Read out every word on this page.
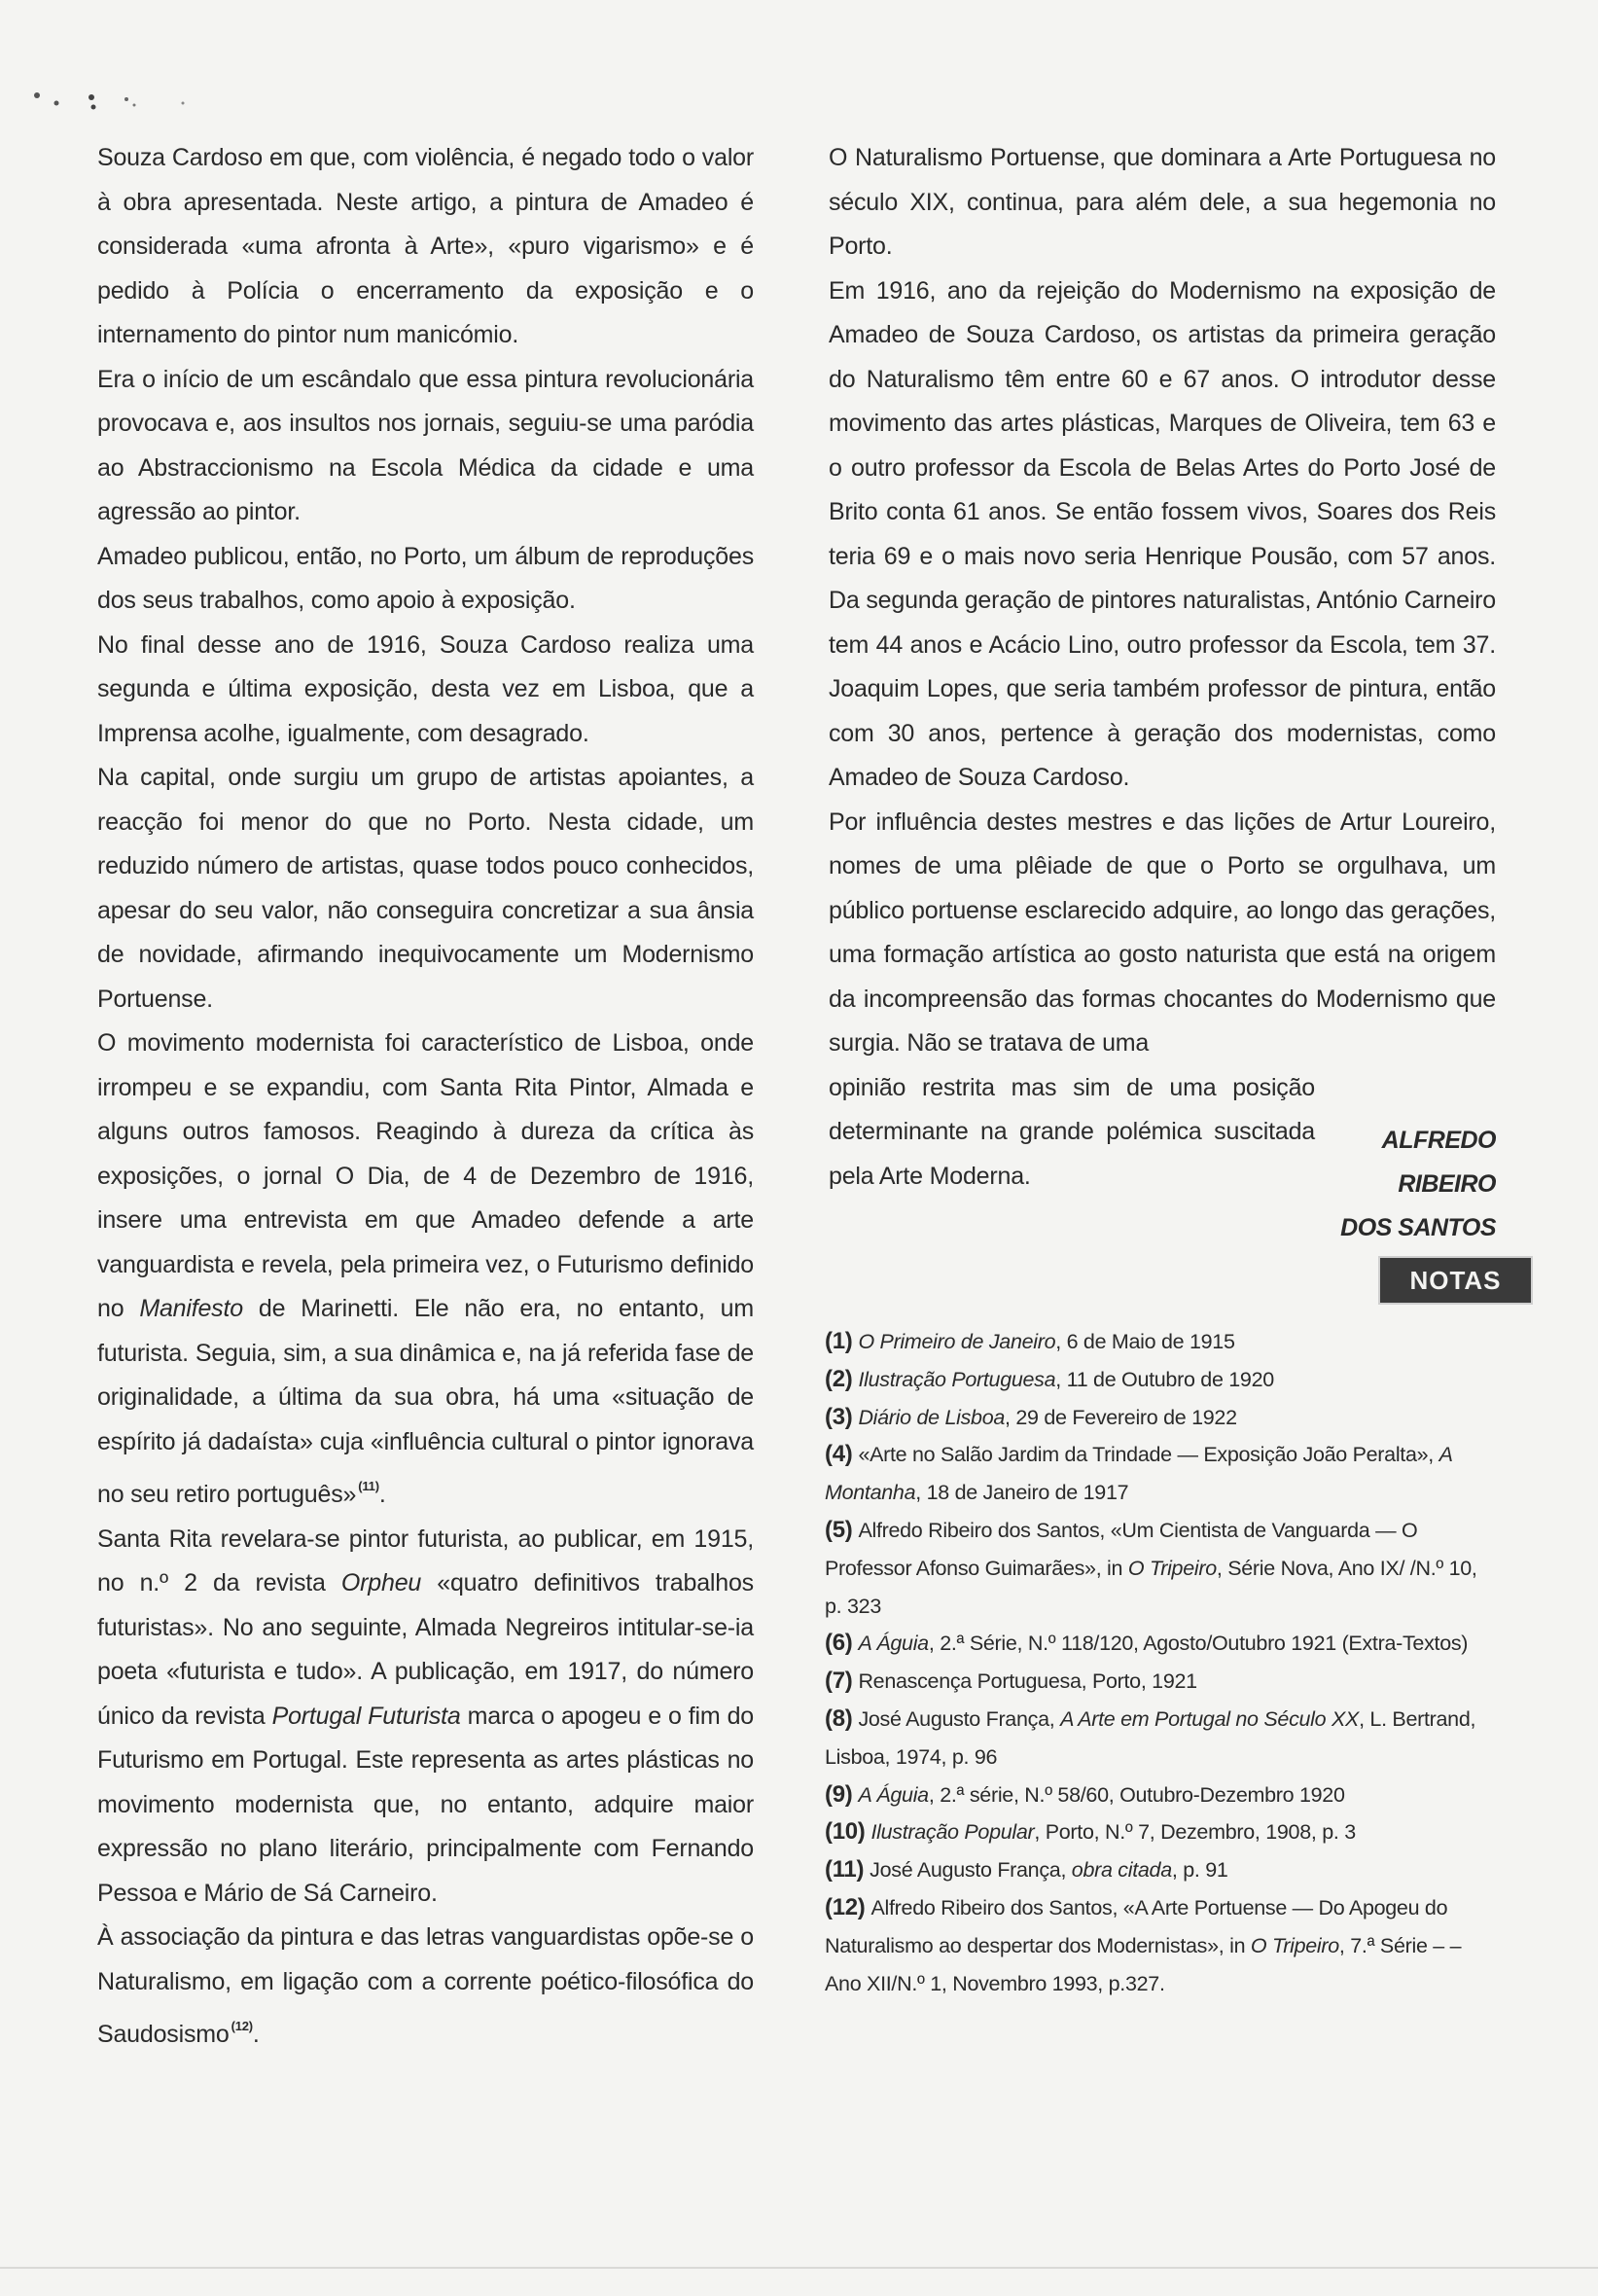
Souza Cardoso em que, com violência, é negado todo o valor à obra apresentada. Neste artigo, a pintura de Amadeo é considerada «uma afronta à Arte», «puro vigarismo» e é pedido à Polícia o encerramento da exposição e o internamento do pintor num manicómio.

Era o início de um escândalo que essa pintura revolucionária provocava e, aos insultos nos jornais, seguiu-se uma paródia ao Abstraccionismo na Escola Médica da cidade e uma agressão ao pintor.

Amadeo publicou, então, no Porto, um álbum de reproduções dos seus trabalhos, como apoio à exposição.

No final desse ano de 1916, Souza Cardoso realiza uma segunda e última exposição, desta vez em Lisboa, que a Imprensa acolhe, igualmente, com desagrado.

Na capital, onde surgiu um grupo de artistas apoiantes, a reacção foi menor do que no Porto. Nesta cidade, um reduzido número de artistas, quase todos pouco conhecidos, apesar do seu valor, não conseguira concretizar a sua ânsia de novidade, afirmando inequivocamente um Modernismo Portuense.

O movimento modernista foi característico de Lisboa, onde irrompeu e se expandiu, com Santa Rita Pintor, Almada e alguns outros famosos. Reagindo à dureza da crítica às exposições, o jornal O Dia, de 4 de Dezembro de 1916, insere uma entrevista em que Amadeo defende a arte vanguardista e revela, pela primeira vez, o Futurismo definido no Manifesto de Marinetti. Ele não era, no entanto, um futurista. Seguia, sim, a sua dinâmica e, na já referida fase de originalidade, a última da sua obra, há uma «situação de espírito já dadaísta» cuja «influência cultural o pintor ignorava no seu retiro português» $^{(11)}$.

Santa Rita revelara-se pintor futurista, ao publicar, em 1915, no n.º 2 da revista Orpheu «quatro definitivos trabalhos futuristas». No ano seguinte, Almada Negreiros intitular-se-ia poeta «futurista e tudo». A publicação, em 1917, do número único da revista Portugal Futurista marca o apogeu e o fim do Futurismo em Portugal. Este representa as artes plásticas no movimento modernista que, no entanto, adquire maior expressão no plano literário, principalmente com Fernando Pessoa e Mário de Sá Carneiro.

À associação da pintura e das letras vanguardistas opõe-se o Naturalismo, em ligação com a corrente poético-filosófica do Saudosismo $^{(12)}$.

O Naturalismo Portuense, que dominara a Arte Portuguesa no século XIX, continua, para além dele, a sua hegemonia no Porto.

Em 1916, ano da rejeição do Modernismo na exposição de Amadeo de Souza Cardoso, os artistas da primeira geração do Naturalismo têm entre 60 e 67 anos. O introdutor desse movimento das artes plásticas, Marques de Oliveira, tem 63 e o outro professor da Escola de Belas Artes do Porto José de Brito conta 61 anos. Se então fossem vivos, Soares dos Reis teria 69 e o mais novo seria Henrique Pousão, com 57 anos. Da segunda geração de pintores naturalistas, António Carneiro tem 44 anos e Acácio Lino, outro professor da Escola, tem 37. Joaquim Lopes, que seria também professor de pintura, então com 30 anos, pertence à geração dos modernistas, como Amadeo de Souza Cardoso.

Por influência destes mestres e das lições de Artur Loureiro, nomes de uma plêiade de que o Porto se orgulhava, um público portuense esclarecido adquire, ao longo das gerações, uma formação artística ao gosto naturista que está na origem da incompreensão das formas chocantes do Modernismo que surgia. Não se tratava de uma

opinião restrita mas sim de uma posição determinante na grande polémica suscitada pela Arte Moderna.

ALFREDO
RIBEIRO
DOS SANTOS
NOTAS

(1) O Primeiro de Janeiro, 6 de Maio de 1915

(2) Ilustração Portuguesa, 11 de Outubro de 1920

(3) Diário de Lisboa, 29 de Fevereiro de 1922

(4) «Arte no Salão Jardim da Trindade — Exposição João Peralta», A Montanha, 18 de Janeiro de 1917

(5) Alfredo Ribeiro dos Santos, «Um Cientista de Vanguarda — O Professor Afonso Guimarães», in O Tripeiro, Série Nova, Ano IX/ /N.º 10, p. 323

(6) A Águia, 2.ª Série, N.º 118/120, Agosto/Outubro 1921 (Extra-Textos)

(7) Renascença Portuguesa, Porto, 1921

(8) José Augusto França, A Arte em Portugal no Século XX, L. Bertrand, Lisboa, 1974, p. 96

(9) A Águia, 2.ª série, N.º 58/60, Outubro-Dezembro 1920

(10) Ilustração Popular, Porto, N.º 7, Dezembro, 1908, p. 3

(11) José Augusto França, obra citada, p. 91

(12) Alfredo Ribeiro dos Santos, «A Arte Portuense — Do Apogeu do Naturalismo ao despertar dos Modernistas», in O Tripeiro, 7.ª Série – – Ano XII/N.º 1, Novembro 1993, p.327.
